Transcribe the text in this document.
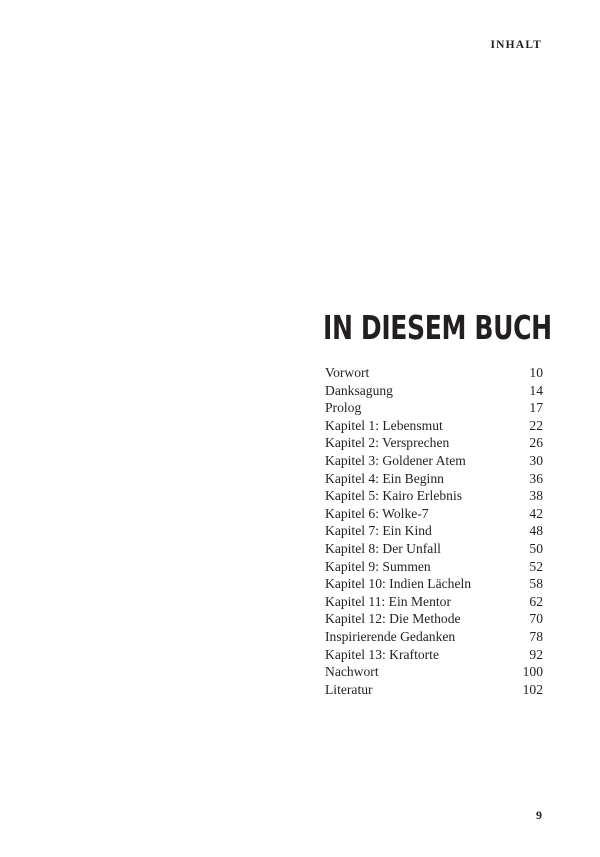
INHALT
IN DIESEM BUCH
Vorwort	10
Danksagung	14
Prolog	17
Kapitel 1: Lebensmut	22
Kapitel 2: Versprechen	26
Kapitel 3: Goldener Atem	30
Kapitel 4: Ein Beginn	36
Kapitel 5: Kairo Erlebnis	38
Kapitel 6: Wolke-7	42
Kapitel 7: Ein Kind	48
Kapitel 8: Der Unfall	50
Kapitel 9: Summen	52
Kapitel 10: Indien Lächeln	58
Kapitel 11: Ein Mentor	62
Kapitel 12: Die Methode	70
Inspirierende Gedanken	78
Kapitel 13: Kraftorte	92
Nachwort	100
Literatur	102
9
